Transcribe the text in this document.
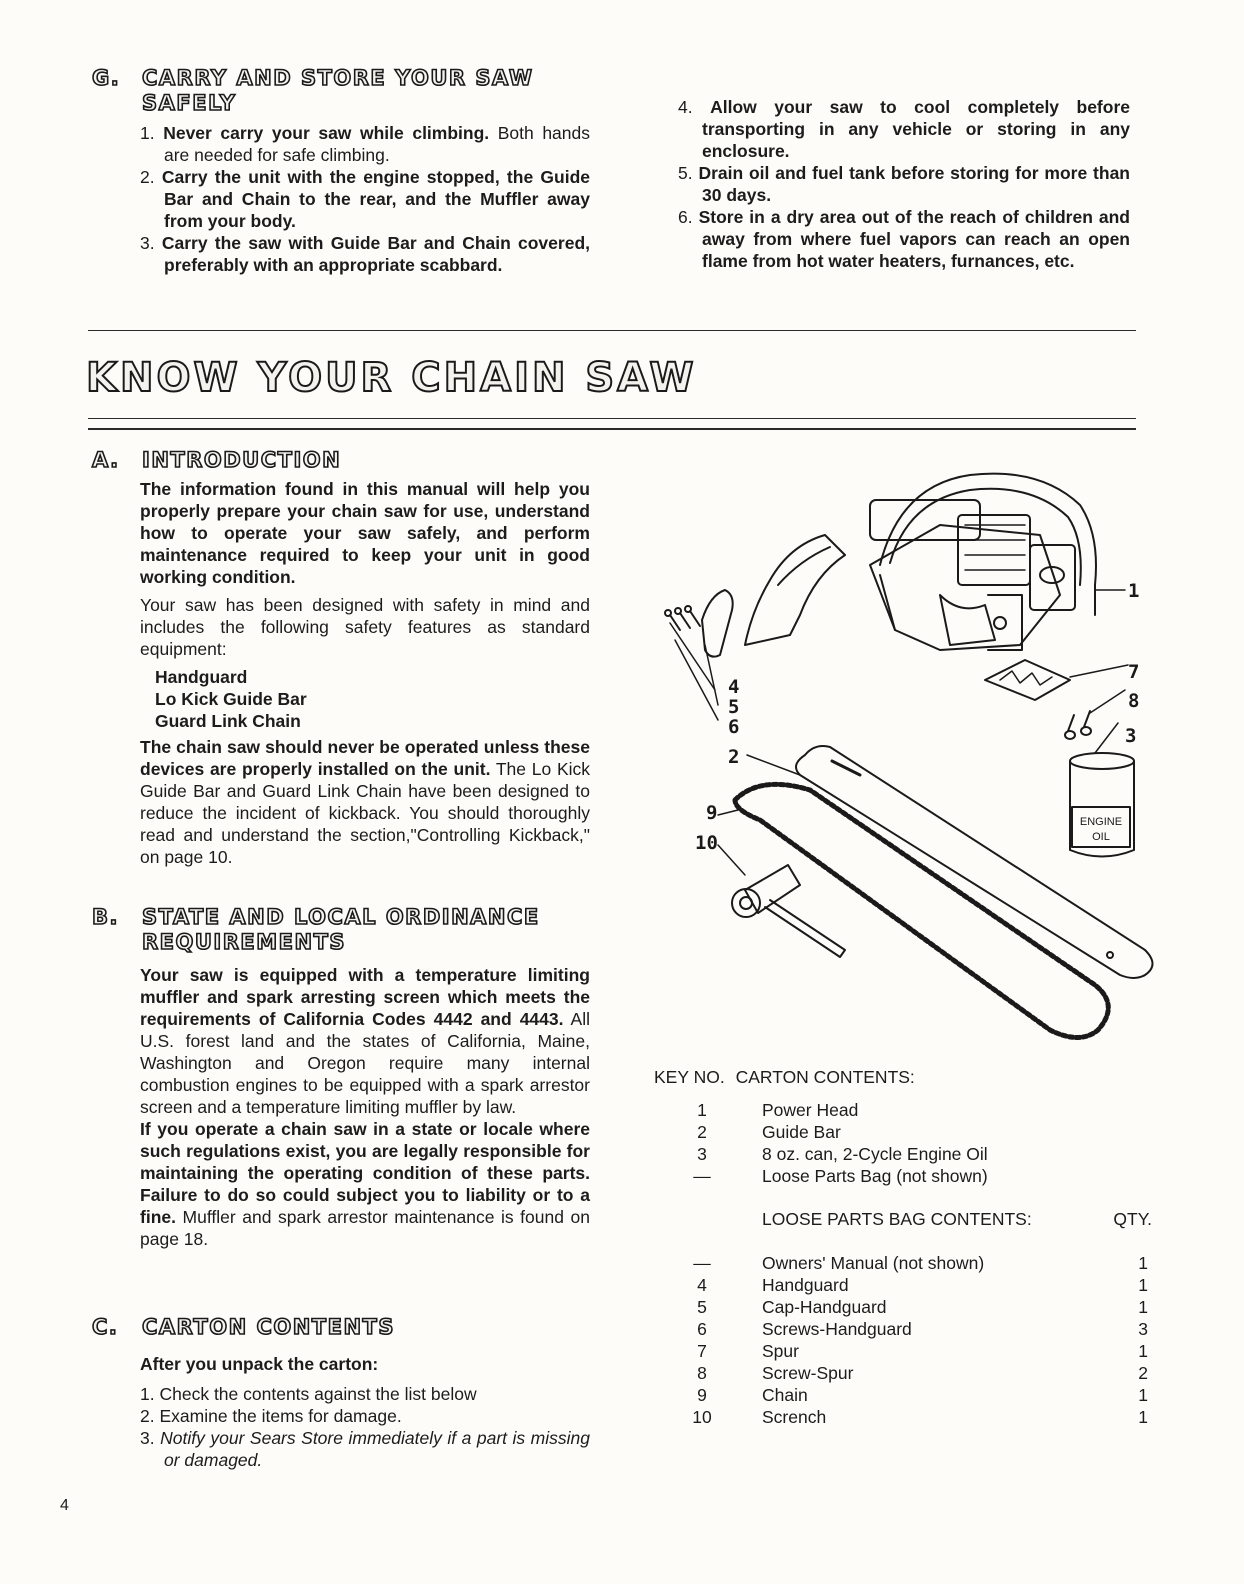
G. CARRY AND STORE YOUR SAW
SAFELY
1. Never carry your saw while climbing. Both hands are needed for safe climbing.
2. Carry the unit with the engine stopped, the Guide Bar and Chain to the rear, and the Muffler away from your body.
3. Carry the saw with Guide Bar and Chain covered, preferably with an appropriate scabbard.
4. Allow your saw to cool completely before transporting in any vehicle or storing in any enclosure.
5. Drain oil and fuel tank before storing for more than 30 days.
6. Store in a dry area out of the reach of children and away from where fuel vapors can reach an open flame from hot water heaters, furnances, etc.
KNOW YOUR CHAIN SAW
A. INTRODUCTION

The information found in this manual will help you properly prepare your chain saw for use, understand how to operate your saw safely, and perform maintenance required to keep your unit in good working condition.

Your saw has been designed with safety in mind and includes the following safety features as standard equipment:

Handguard
Lo Kick Guide Bar
Guard Link Chain

The chain saw should never be operated unless these devices are properly installed on the unit. The Lo Kick Guide Bar and Guard Link Chain have been designed to reduce the incident of kickback. You should thoroughly read and understand the section,"Controlling Kickback," on page 10.

B. STATE AND LOCAL ORDINANCE
REQUIREMENTS

Your saw is equipped with a temperature limiting muffler and spark arresting screen which meets the requirements of California Codes 4442 and 4443. All U.S. forest land and the states of California, Maine, Washington and Oregon require many internal combustion engines to be equipped with a spark arrestor screen and a temperature limiting muffler by law.

If you operate a chain saw in a state or locale where such regulations exist, you are legally responsible for maintaining the operating condition of these parts. Failure to do so could subject you to liability or to a fine. Muffler and spark arrestor maintenance is found on page 18.

C. CARTON CONTENTS
After you unpack the carton:
1. Check the contents against the list below
2. Examine the items for damage.
3. Notify your Sears Store immediately if a part is missing or damaged.
1
2
3
4
5
6
7
8
9
10
ENGINE
OIL
KEY NO. CARTON CONTENTS:
1	Power Head
2	Guide Bar
3	8 oz. can, 2-Cycle Engine Oil
—	Loose Parts Bag (not shown)
LOOSE PARTS BAG CONTENTS:	QTY.
—	Owners' Manual (not shown)	1
4	Handguard	1
5	Cap-Handguard	1
6	Screws-Handguard	3
7	Spur	1
8	Screw-Spur	2
9	Chain	1
10	Scrench	1
4
